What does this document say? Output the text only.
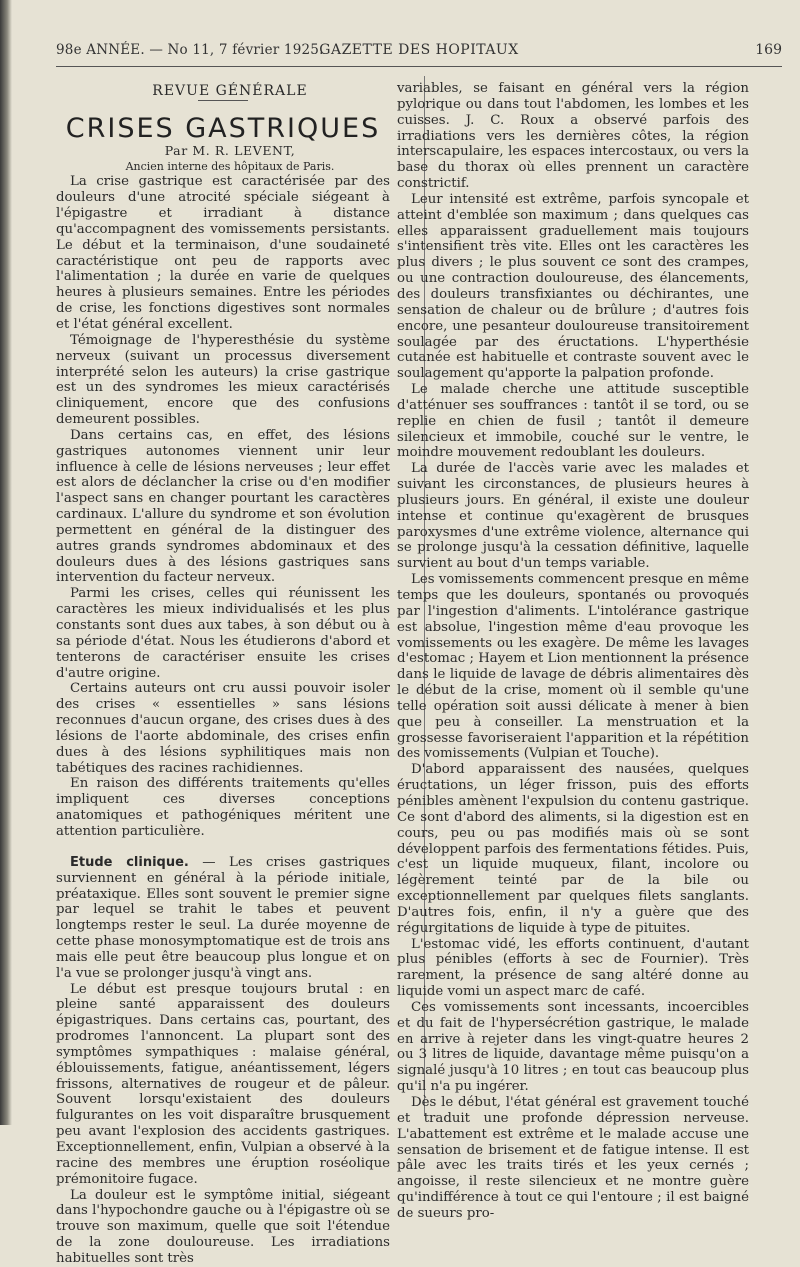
98e ANNÉE. — No 11, 7 février 1925.
GAZETTE DES HOPITAUX	169

REVUE GÉNÉRALE

CRISES GASTRIQUES

Par M. R. LEVENT,

Ancien interne des hôpitaux de Paris.

La crise gastrique est caractérisée par des douleurs d'une atrocité spéciale siégeant à l'épigastre et irradiant à distance qu'accompagnent des vomissements persistants. Le début et la terminaison, d'une soudaineté caractéristique ont peu de rapports avec l'alimentation ; la durée en varie de quelques heures à plusieurs semaines. Entre les périodes de crise, les fonctions digestives sont normales et l'état général excellent.

Témoignage de l'hyperesthésie du système nerveux (suivant un processus diversement interprété selon les auteurs) la crise gastrique est un des syndromes les mieux caractérisés cliniquement, encore que des confusions demeurent possibles.

Dans certains cas, en effet, des lésions gastriques autonomes viennent unir leur influence à celle de lésions nerveuses ; leur effet est alors de déclancher la crise ou d'en modifier l'aspect sans en changer pourtant les caractères cardinaux. L'allure du syndrome et son évolution permettent en général de la distinguer des autres grands syndromes abdominaux et des douleurs dues à des lésions gastriques sans intervention du facteur nerveux.

Parmi les crises, celles qui réunissent les caractères les mieux individualisés et les plus constants sont dues aux tabes, à son début ou à sa période d'état. Nous les étudierons d'abord et tenterons de caractériser ensuite les crises d'autre origine.

Certains auteurs ont cru aussi pouvoir isoler des crises « essentielles » sans lésions reconnues d'aucun organe, des crises dues à des lésions de l'aorte abdominale, des crises enfin dues à des lésions syphilitiques mais non tabétiques des racines rachidiennes.

En raison des différents traitements qu'elles impliquent ces diverses conceptions anatomiques et pathogéniques méritent une attention particulière.

Etude clinique. — Les crises gastriques surviennent en général à la période initiale, préataxique. Elles sont souvent le premier signe par lequel se trahit le tabes et peuvent longtemps rester le seul. La durée moyenne de cette phase monosymptomatique est de trois ans mais elle peut être beaucoup plus longue et on l'a vue se prolonger jusqu'à vingt ans.

Le début est presque toujours brutal : en pleine santé apparaissent des douleurs épigastriques. Dans certains cas, pourtant, des prodromes l'annoncent. La plupart sont des symptômes sympathiques : malaise général, éblouissements, fatigue, anéantissement, légers frissons, alternatives de rougeur et de pâleur. Souvent lorsqu'existaient des douleurs fulgurantes on les voit disparaître brusquement peu avant l'explosion des accidents gastriques. Exceptionnellement, enfin, Vulpian a observé à la racine des membres une éruption roséolique prémonitoire fugace.

La douleur est le symptôme initial, siégeant dans l'hypochondre gauche ou à l'épigastre où se trouve son maximum, quelle que soit l'étendue de la zone douloureuse. Les irradiations habituelles sont très

variables, se faisant en général vers la région pylorique ou dans tout l'abdomen, les lombes et les cuisses. J. C. Roux a observé parfois des irradiations vers les dernières côtes, la région interscapulaire, les espaces intercostaux, ou vers la base du thorax où elles prennent un caractère constrictif.

Leur intensité est extrême, parfois syncopale et atteint d'emblée son maximum ; dans quelques cas elles apparaissent graduellement mais toujours s'intensifient très vite. Elles ont les caractères les plus divers ; le plus souvent ce sont des crampes, ou une contraction douloureuse, des élancements, des douleurs transfixiantes ou déchirantes, une sensation de chaleur ou de brûlure ; d'autres fois encore, une pesanteur douloureuse transitoirement soulagée par des éructations. L'hyperthésie cutanée est habituelle et contraste souvent avec le soulagement qu'apporte la palpation profonde.

Le malade cherche une attitude susceptible d'atténuer ses souffrances : tantôt il se tord, ou se replie en chien de fusil ; tantôt il demeure silencieux et immobile, couché sur le ventre, le moindre mouvement redoublant les douleurs.

La durée de l'accès varie avec les malades et suivant les circonstances, de plusieurs heures à plusieurs jours. En général, il existe une douleur intense et continue qu'exagèrent de brusques paroxysmes d'une extrême violence, alternance qui se prolonge jusqu'à la cessation définitive, laquelle survient au bout d'un temps variable.

Les vomissements commencent presque en même temps que les douleurs, spontanés ou provoqués par l'ingestion d'aliments. L'intolérance gastrique est absolue, l'ingestion même d'eau provoque les vomissements ou les exagère. De même les lavages d'estomac ; Hayem et Lion mentionnent la présence dans le liquide de lavage de débris alimentaires dès le début de la crise, moment où il semble qu'une telle opération soit aussi délicate à mener à bien que peu à conseiller. La menstruation et la grossesse favoriseraient l'apparition et la répétition des vomissements (Vulpian et Touche).

D'abord apparaissent des nausées, quelques éructations, un léger frisson, puis des efforts pénibles amènent l'expulsion du contenu gastrique. Ce sont d'abord des aliments, si la digestion est en cours, peu ou pas modifiés mais où se sont développent parfois des fermentations fétides. Puis, c'est un liquide muqueux, filant, incolore ou légèrement teinté par de la bile ou exceptionnellement par quelques filets sanglants. D'autres fois, enfin, il n'y a guère que des régurgitations de liquide à type de pituites.

L'estomac vidé, les efforts continuent, d'autant plus pénibles (efforts à sec de Fournier). Très rarement, la présence de sang altéré donne au liquide vomi un aspect marc de café.

Ces vomissements sont incessants, incoercibles et du fait de l'hypersécrétion gastrique, le malade en arrive à rejeter dans les vingt-quatre heures 2 ou 3 litres de liquide, davantage même puisqu'on a signalé jusqu'à 10 litres ; en tout cas beaucoup plus qu'il n'a pu ingérer.

Dès le début, l'état général est gravement touché et traduit une profonde dépression nerveuse. L'abattement est extrême et le malade accuse une sensation de brisement et de fatigue intense. Il est pâle avec les traits tirés et les yeux cernés ; angoisse, il reste silencieux et ne montre guère qu'indifférence à tout ce qui l'entoure ; il est baigné de sueurs pro-
